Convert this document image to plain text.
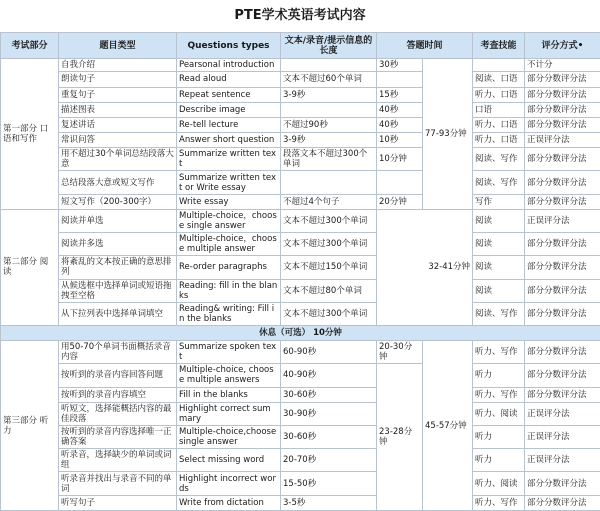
PTE学术英语考试内容
考试部分	题目类型	Questions types	文本/录音/提示信息的长度	答题时间		考查技能	评分方式•
第一部分 口语和写作	自我介绍	Pearsonal introduction		30秒	77-93分钟		不计分
	朗读句子	Read aloud	文本不超过60个单词			阅读、口语	部分分数评分法
	重复句子	Repeat sentence	3-9秒	15秒		听力、口语	部分分数评分法
	描述图表	Describe image		40秒		口语	部分分数评分法
	复述讲话	Re-tell lecture	不超过90秒	40秒		听力、口语	部分分数评分法
	常识问答	Answer short question	3-9秒	10秒		听力、口语	正误评分法
	用不超过30个单词总结段落大意	Summarize written text	段落文本不超过300个单词	10分钟		阅读、写作	部分分数评分法
	总结段落大意或短文写作	Summarize written text or Write essay				阅读、写作	部分分数评分法
	短文写作（200-300字）	Write essay	不超过4个句子	20分钟		写作	部分分数评分法
第二部分 阅读	阅读并单选	Multiple-choice，choose single answer	文本不超过300个单词	32-41分钟		阅读	正误评分法
	阅读并多选	Multiple-choice，choose multiple answer	文本不超过300个单词			阅读	部分分数评分法
	将紊乱的文本按正确的意思排列	Re-order paragraphs	文本不超过150个单词			阅读	部分分数评分法
	从候选框中选择单词或短语拖拽至空格	Reading: fill in the blanks	文本不超过80个单词			阅读	部分分数评分法
	从下拉列表中选择单词填空	Reading& writing: Fill in the blanks	文本不超过300个单词			阅读、写作	部分分数评分法
休息（可选） 10分钟							
第三部分 听力	用50-70个单词书面概括录音内容	Summarize spoken text	60-90秒	20-30分钟	45-57分钟	听力、写作	部分分数评分法
	按听到的录音内容回答问题	Multiple-choice, choose multiple answers	40-90秒	23-28分钟		听力	部分分数评分法
	按听到的录音内容填空	Fill in the blanks	30-60秒			听力、写作	部分分数评分法
	听短文，选择能概括内容的最佳段落	Highlight correct summary	30-90秒			听力、阅读	正误评分法
	按听到的录音内容选择唯一正确答案	Multiple-choice,choose single answer	30-60秒			听力	正误评分法
	听录音，选择缺少的单词或词组	Select missing word	20-70秒			听力	正误评分法
	听录音并找出与录音不同的单词	Highlight incorrect words	15-50秒			听力、阅读	部分分数评分法
	听写句子	Write from dictation	3-5秒			听力、写作	部分分数评分法
